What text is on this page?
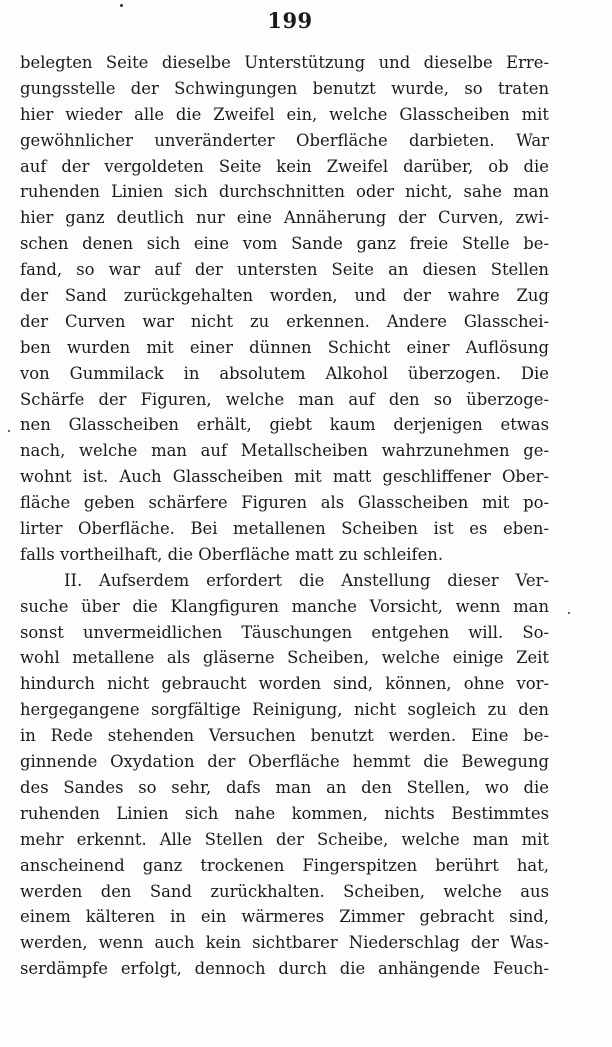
199
belegten Seite dieselbe Unterstützung und dieselbe Erre-
gungsstelle der Schwingungen benutzt wurde, so traten
hier wieder alle die Zweifel ein, welche Glasscheiben mit
gewöhnlicher unveränderter Oberfläche darbieten. War
auf der vergoldeten Seite kein Zweifel darüber, ob die
ruhenden Linien sich durchschnitten oder nicht, sahe man
hier ganz deutlich nur eine Annäherung der Curven, zwi-
schen denen sich eine vom Sande ganz freie Stelle be-
fand, so war auf der untersten Seite an diesen Stellen
der Sand zurückgehalten worden, und der wahre Zug
der Curven war nicht zu erkennen. Andere Glasschei-
ben wurden mit einer dünnen Schicht einer Auflösung
von Gummilack in absolutem Alkohol überzogen. Die
Schärfe der Figuren, welche man auf den so überzoge-
nen Glasscheiben erhält, giebt kaum derjenigen etwas
nach, welche man auf Metallscheiben wahrzunehmen ge-
wohnt ist. Auch Glasscheiben mit matt geschliffener Ober-
fläche geben schärfere Figuren als Glasscheiben mit po-
lirter Oberfläche. Bei metallenen Scheiben ist es eben-
falls vortheilhaft, die Oberfläche matt zu schleifen.
II. Aufserdem erfordert die Anstellung dieser Ver-
suche über die Klangfiguren manche Vorsicht, wenn man
sonst unvermeidlichen Täuschungen entgehen will. So-
wohl metallene als gläserne Scheiben, welche einige Zeit
hindurch nicht gebraucht worden sind, können, ohne vor-
hergegangene sorgfältige Reinigung, nicht sogleich zu den
in Rede stehenden Versuchen benutzt werden. Eine be-
ginnende Oxydation der Oberfläche hemmt die Bewegung
des Sandes so sehr, dafs man an den Stellen, wo die
ruhenden Linien sich nahe kommen, nichts Bestimmtes
mehr erkennt. Alle Stellen der Scheibe, welche man mit
anscheinend ganz trockenen Fingerspitzen berührt hat,
werden den Sand zurückhalten. Scheiben, welche aus
einem kälteren in ein wärmeres Zimmer gebracht sind,
werden, wenn auch kein sichtbarer Niederschlag der Was-
serdämpfe erfolgt, dennoch durch die anhängende Feuch-
